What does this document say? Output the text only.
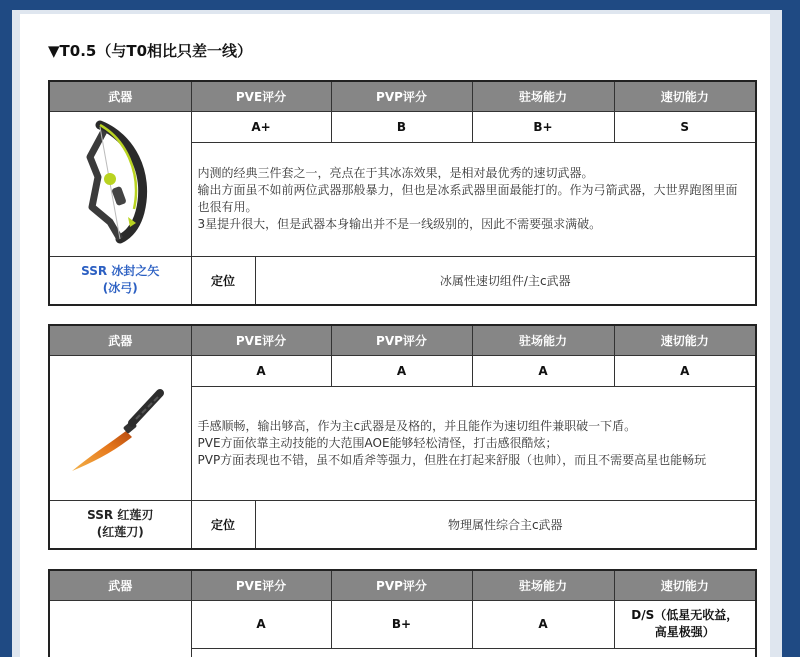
▼T0.5（与T0相比只差一线）
武器	PVE评分		PVP评分	驻场能力	速切能力
	A+		B	B+	S

	内测的经典三件套之一，亮点在于其冰冻效果，是相对最优秀的速切武器。

输出方面虽不如前两位武器那般暴力，但也是冰系武器里面最能打的。作为弓箭武器，大世界跑图里面也很有用。

3星提升很大，但是武器本身输出并不是一线级别的，因此不需要强求满破。				

SSR 冰封之矢
(冰弓)	定位	冰属性速切组件/主c武器			
武器	PVE评分		PVP评分	驻场能力	速切能力
	A		A	A	A

	手感顺畅，输出够高，作为主c武器是及格的，并且能作为速切组件兼职破一下盾。

PVE方面依靠主动技能的大范围AOE能够轻松清怪，打击感很酷炫；

PVP方面表现也不错，虽不如盾斧等强力，但胜在打起来舒服（也帅），而且不需要高星也能畅玩				

SSR 红莲刃
(红莲刀)	定位	物理属性综合主c武器			
武器	PVE评分	PVP评分	驻场能力	速切能力
	A	B+	A	D/S（低星无收益，
高星极强）
